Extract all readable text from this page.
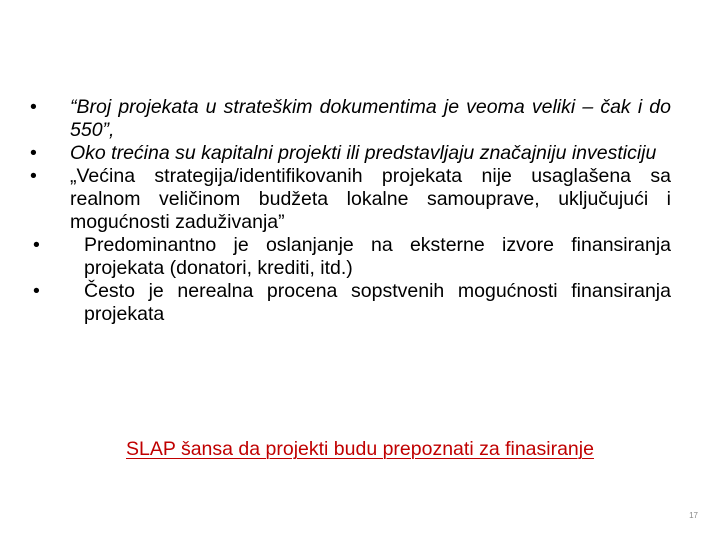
•	“Broj projekata u strateškim dokumentima je veoma veliki – čak i do 550”,
•	Oko trećina su kapitalni projekti ili predstavljaju značajniju investiciju
•	„Većina strategija/identifikovanih projekata nije usaglašena sa realnom veličinom budžeta lokalne samouprave, uključujući i mogućnosti zaduživanja”
•	Predominantno je oslanjanje na eksterne izvore finansiranja projekata (donatori, krediti, itd.)
•	Često je nerealna procena sopstvenih mogućnosti finansiranja projekata
SLAP šansa da projekti budu prepoznati za finasiranje
17
